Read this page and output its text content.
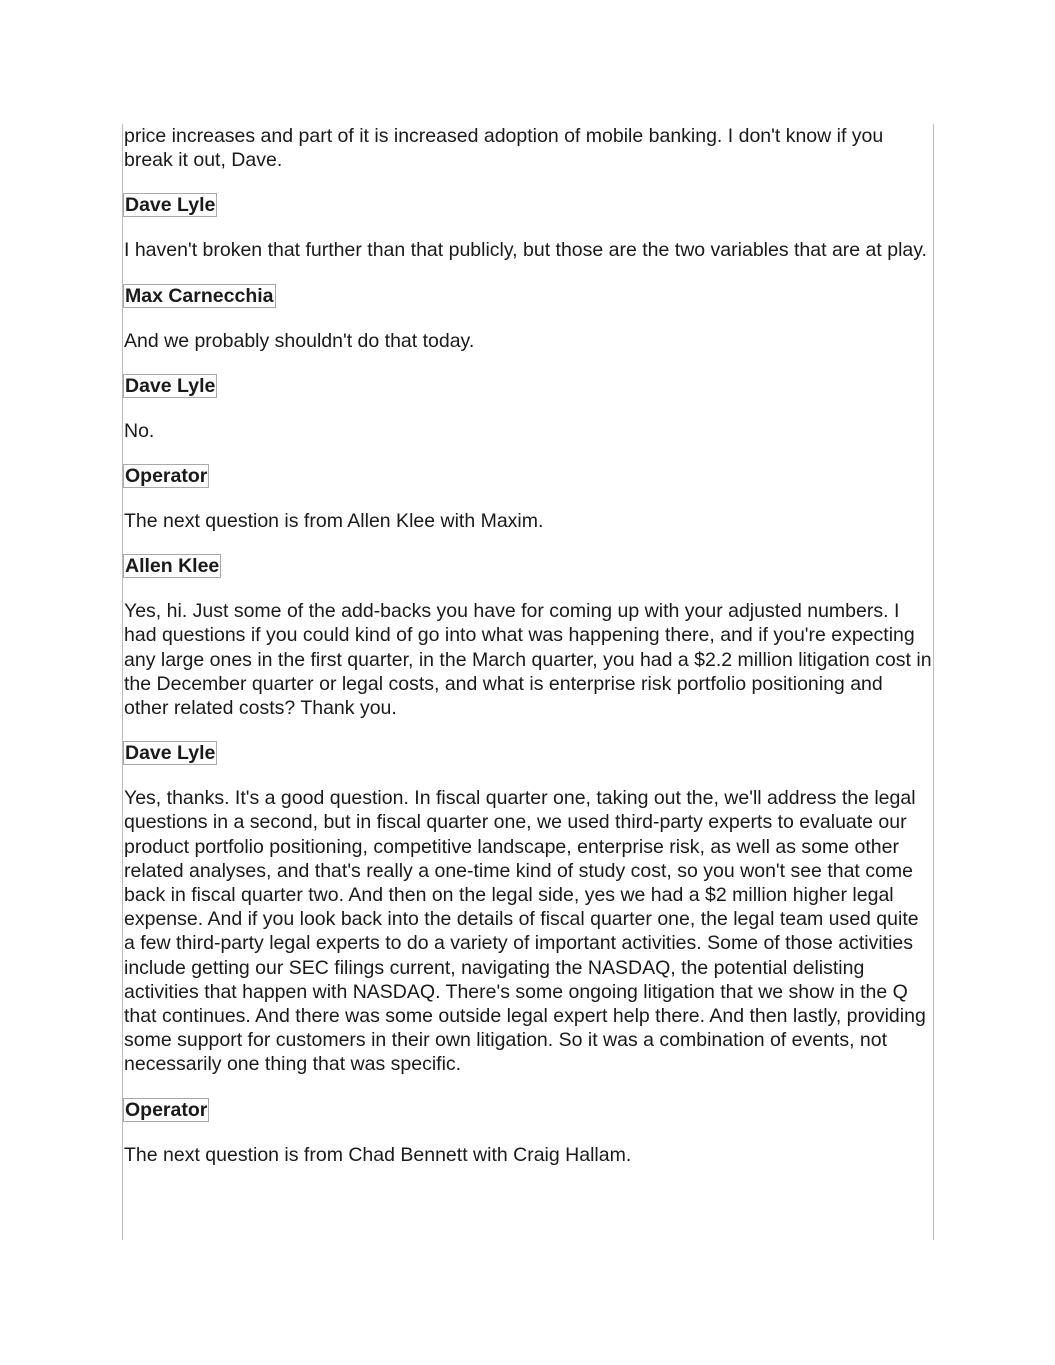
price increases and part of it is increased adoption of mobile banking. I don't know if you break it out, Dave.

Dave Lyle

I haven't broken that further than that publicly, but those are the two variables that are at play.

Max Carnecchia

And we probably shouldn't do that today.

Dave Lyle

No.

Operator

The next question is from Allen Klee with Maxim.

Allen Klee

Yes, hi. Just some of the add-backs you have for coming up with your adjusted numbers. I had questions if you could kind of go into what was happening there, and if you're expecting any large ones in the first quarter, in the March quarter, you had a $2.2 million litigation cost in the December quarter or legal costs, and what is enterprise risk portfolio positioning and other related costs? Thank you.

Dave Lyle

Yes, thanks. It's a good question. In fiscal quarter one, taking out the, we'll address the legal questions in a second, but in fiscal quarter one, we used third-party experts to evaluate our product portfolio positioning, competitive landscape, enterprise risk, as well as some other related analyses, and that's really a one-time kind of study cost, so you won't see that come back in fiscal quarter two. And then on the legal side, yes we had a $2 million higher legal expense. And if you look back into the details of fiscal quarter one, the legal team used quite a few third-party legal experts to do a variety of important activities. Some of those activities include getting our SEC filings current, navigating the NASDAQ, the potential delisting activities that happen with NASDAQ. There's some ongoing litigation that we show in the Q that continues. And there was some outside legal expert help there. And then lastly, providing some support for customers in their own litigation. So it was a combination of events, not necessarily one thing that was specific.

Operator

The next question is from Chad Bennett with Craig Hallam.
